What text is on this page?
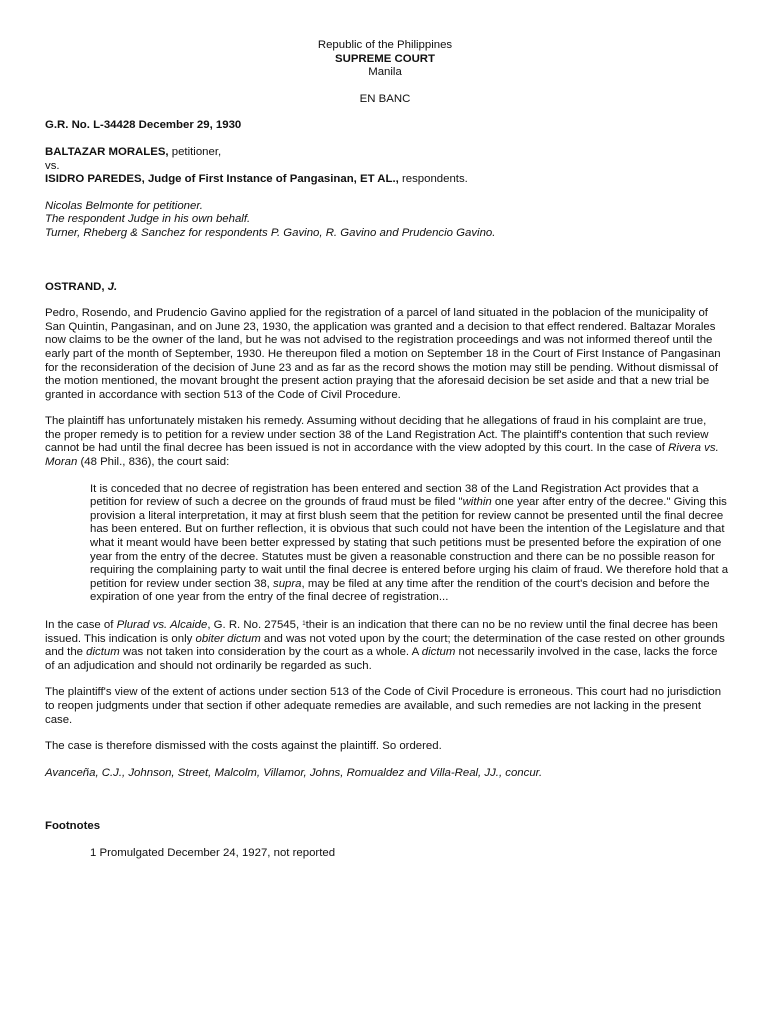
Republic of the Philippines

SUPREME COURT

Manila

EN BANC

G.R. No. L-34428 December 29, 1930

BALTAZAR MORALES, petitioner,

vs.

ISIDRO PAREDES, Judge of First Instance of Pangasinan, ET AL., respondents.

Nicolas Belmonte for petitioner.

The respondent Judge in his own behalf.

Turner, Rheberg & Sanchez for respondents P. Gavino, R. Gavino and Prudencio Gavino.

OSTRAND, J.

Pedro, Rosendo, and Prudencio Gavino applied for the registration of a parcel of land situated in the poblacion of the municipality of San Quintin, Pangasinan, and on June 23, 1930, the application was granted and a decision to that effect rendered. Baltazar Morales now claims to be the owner of the land, but he was not advised to the registration proceedings and was not informed thereof until the early part of the month of September, 1930. He thereupon filed a motion on September 18 in the Court of First Instance of Pangasinan for the reconsideration of the decision of June 23 and as far as the record shows the motion may still be pending. Without dismissal of the motion mentioned, the movant brought the present action praying that the aforesaid decision be set aside and that a new trial be granted in accordance with section 513 of the Code of Civil Procedure.

The plaintiff has unfortunately mistaken his remedy. Assuming without deciding that he allegations of fraud in his complaint are true, the proper remedy is to petition for a review under section 38 of the Land Registration Act. The plaintiff's contention that such review cannot be had until the final decree has been issued is not in accordance with the view adopted by this court. In the case of Rivera vs. Moran (48 Phil., 836), the court said:

It is conceded that no decree of registration has been entered and section 38 of the Land Registration Act provides that a petition for review of such a decree on the grounds of fraud must be filed "within one year after entry of the decree." Giving this provision a literal interpretation, it may at first blush seem that the petition for review cannot be presented until the final decree has been entered. But on further reflection, it is obvious that such could not have been the intention of the Legislature and that what it meant would have been better expressed by stating that such petitions must be presented before the expiration of one year from the entry of the decree. Statutes must be given a reasonable construction and there can be no possible reason for requiring the complaining party to wait until the final decree is entered before urging his claim of fraud. We therefore hold that a petition for review under section 38, supra, may be filed at any time after the rendition of the court's decision and before the expiration of one year from the entry of the final decree of registration...

In the case of Plurad vs. Alcaide, G. R. No. 27545, $^1$their is an indication that there can no be no review until the final decree has been issued. This indication is only obiter dictum and was not voted upon by the court; the determination of the case rested on other grounds and the dictum was not taken into consideration by the court as a whole. A dictum not necessarily involved in the case, lacks the force of an adjudication and should not ordinarily be regarded as such.

The plaintiff's view of the extent of actions under section 513 of the Code of Civil Procedure is erroneous. This court had no jurisdiction to reopen judgments under that section if other adequate remedies are available, and such remedies are not lacking in the present case.

The case is therefore dismissed with the costs against the plaintiff. So ordered.

Avanceña, C.J., Johnson, Street, Malcolm, Villamor, Johns, Romualdez and Villa-Real, JJ., concur.

Footnotes

1 Promulgated December 24, 1927, not reported
